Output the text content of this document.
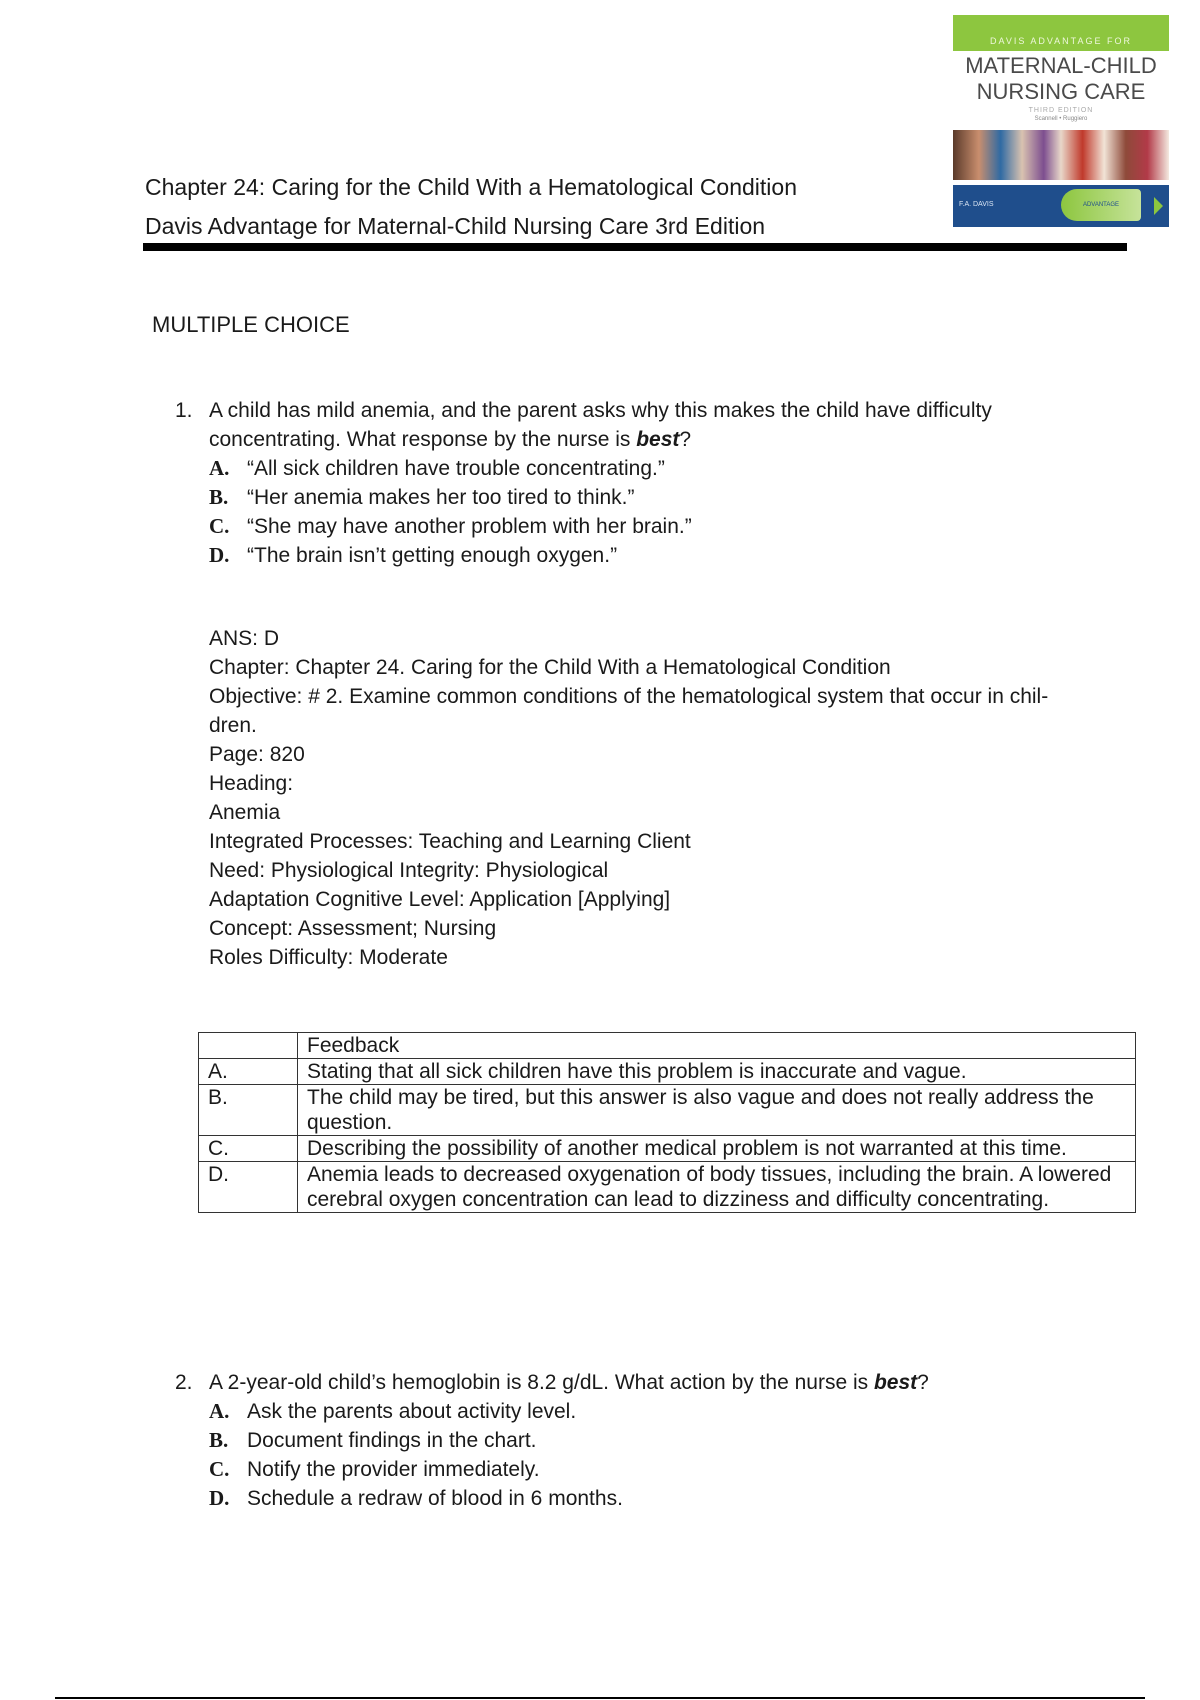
DAVIS ADVANTAGE FOR
MATERNAL-CHILD
NURSING CARE
THIRD EDITION
Scannell • Ruggiero
F.A. DAVIS	ADVANTAGE
Chapter 24: Caring for the Child With a Hematological Condition
Davis Advantage for Maternal-Child Nursing Care 3rd Edition
MULTIPLE CHOICE
1. A child has mild anemia, and the parent asks why this makes the child have difficulty concentrating. What response by the nurse is best?
A. “All sick children have trouble concentrating.”
B. “Her anemia makes her too tired to think.”
C. “She may have another problem with her brain.”
D. “The brain isn’t getting enough oxygen.”
ANS: D
Chapter: Chapter 24. Caring for the Child With a Hematological Condition
Objective: # 2. Examine common conditions of the hematological system that occur in chil- dren.
Page: 820
Heading:
Anemia
Integrated Processes: Teaching and Learning Client
Need: Physiological Integrity: Physiological
Adaptation Cognitive Level: Application [Applying]
Concept: Assessment; Nursing
Roles Difficulty: Moderate
	Feedback
A.	Stating that all sick children have this problem is inaccurate and vague.
B.	The child may be tired, but this answer is also vague and does not really address the question.
C.	Describing the possibility of another medical problem is not warranted at this time.
D.	Anemia leads to decreased oxygenation of body tissues, including the brain. A lowered cerebral oxygen concentration can lead to dizziness and difficulty concentrating.
2. A 2-year-old child’s hemoglobin is 8.2 g/dL. What action by the nurse is best?
A. Ask the parents about activity level.
B. Document findings in the chart.
C. Notify the provider immediately.
D. Schedule a redraw of blood in 6 months.
